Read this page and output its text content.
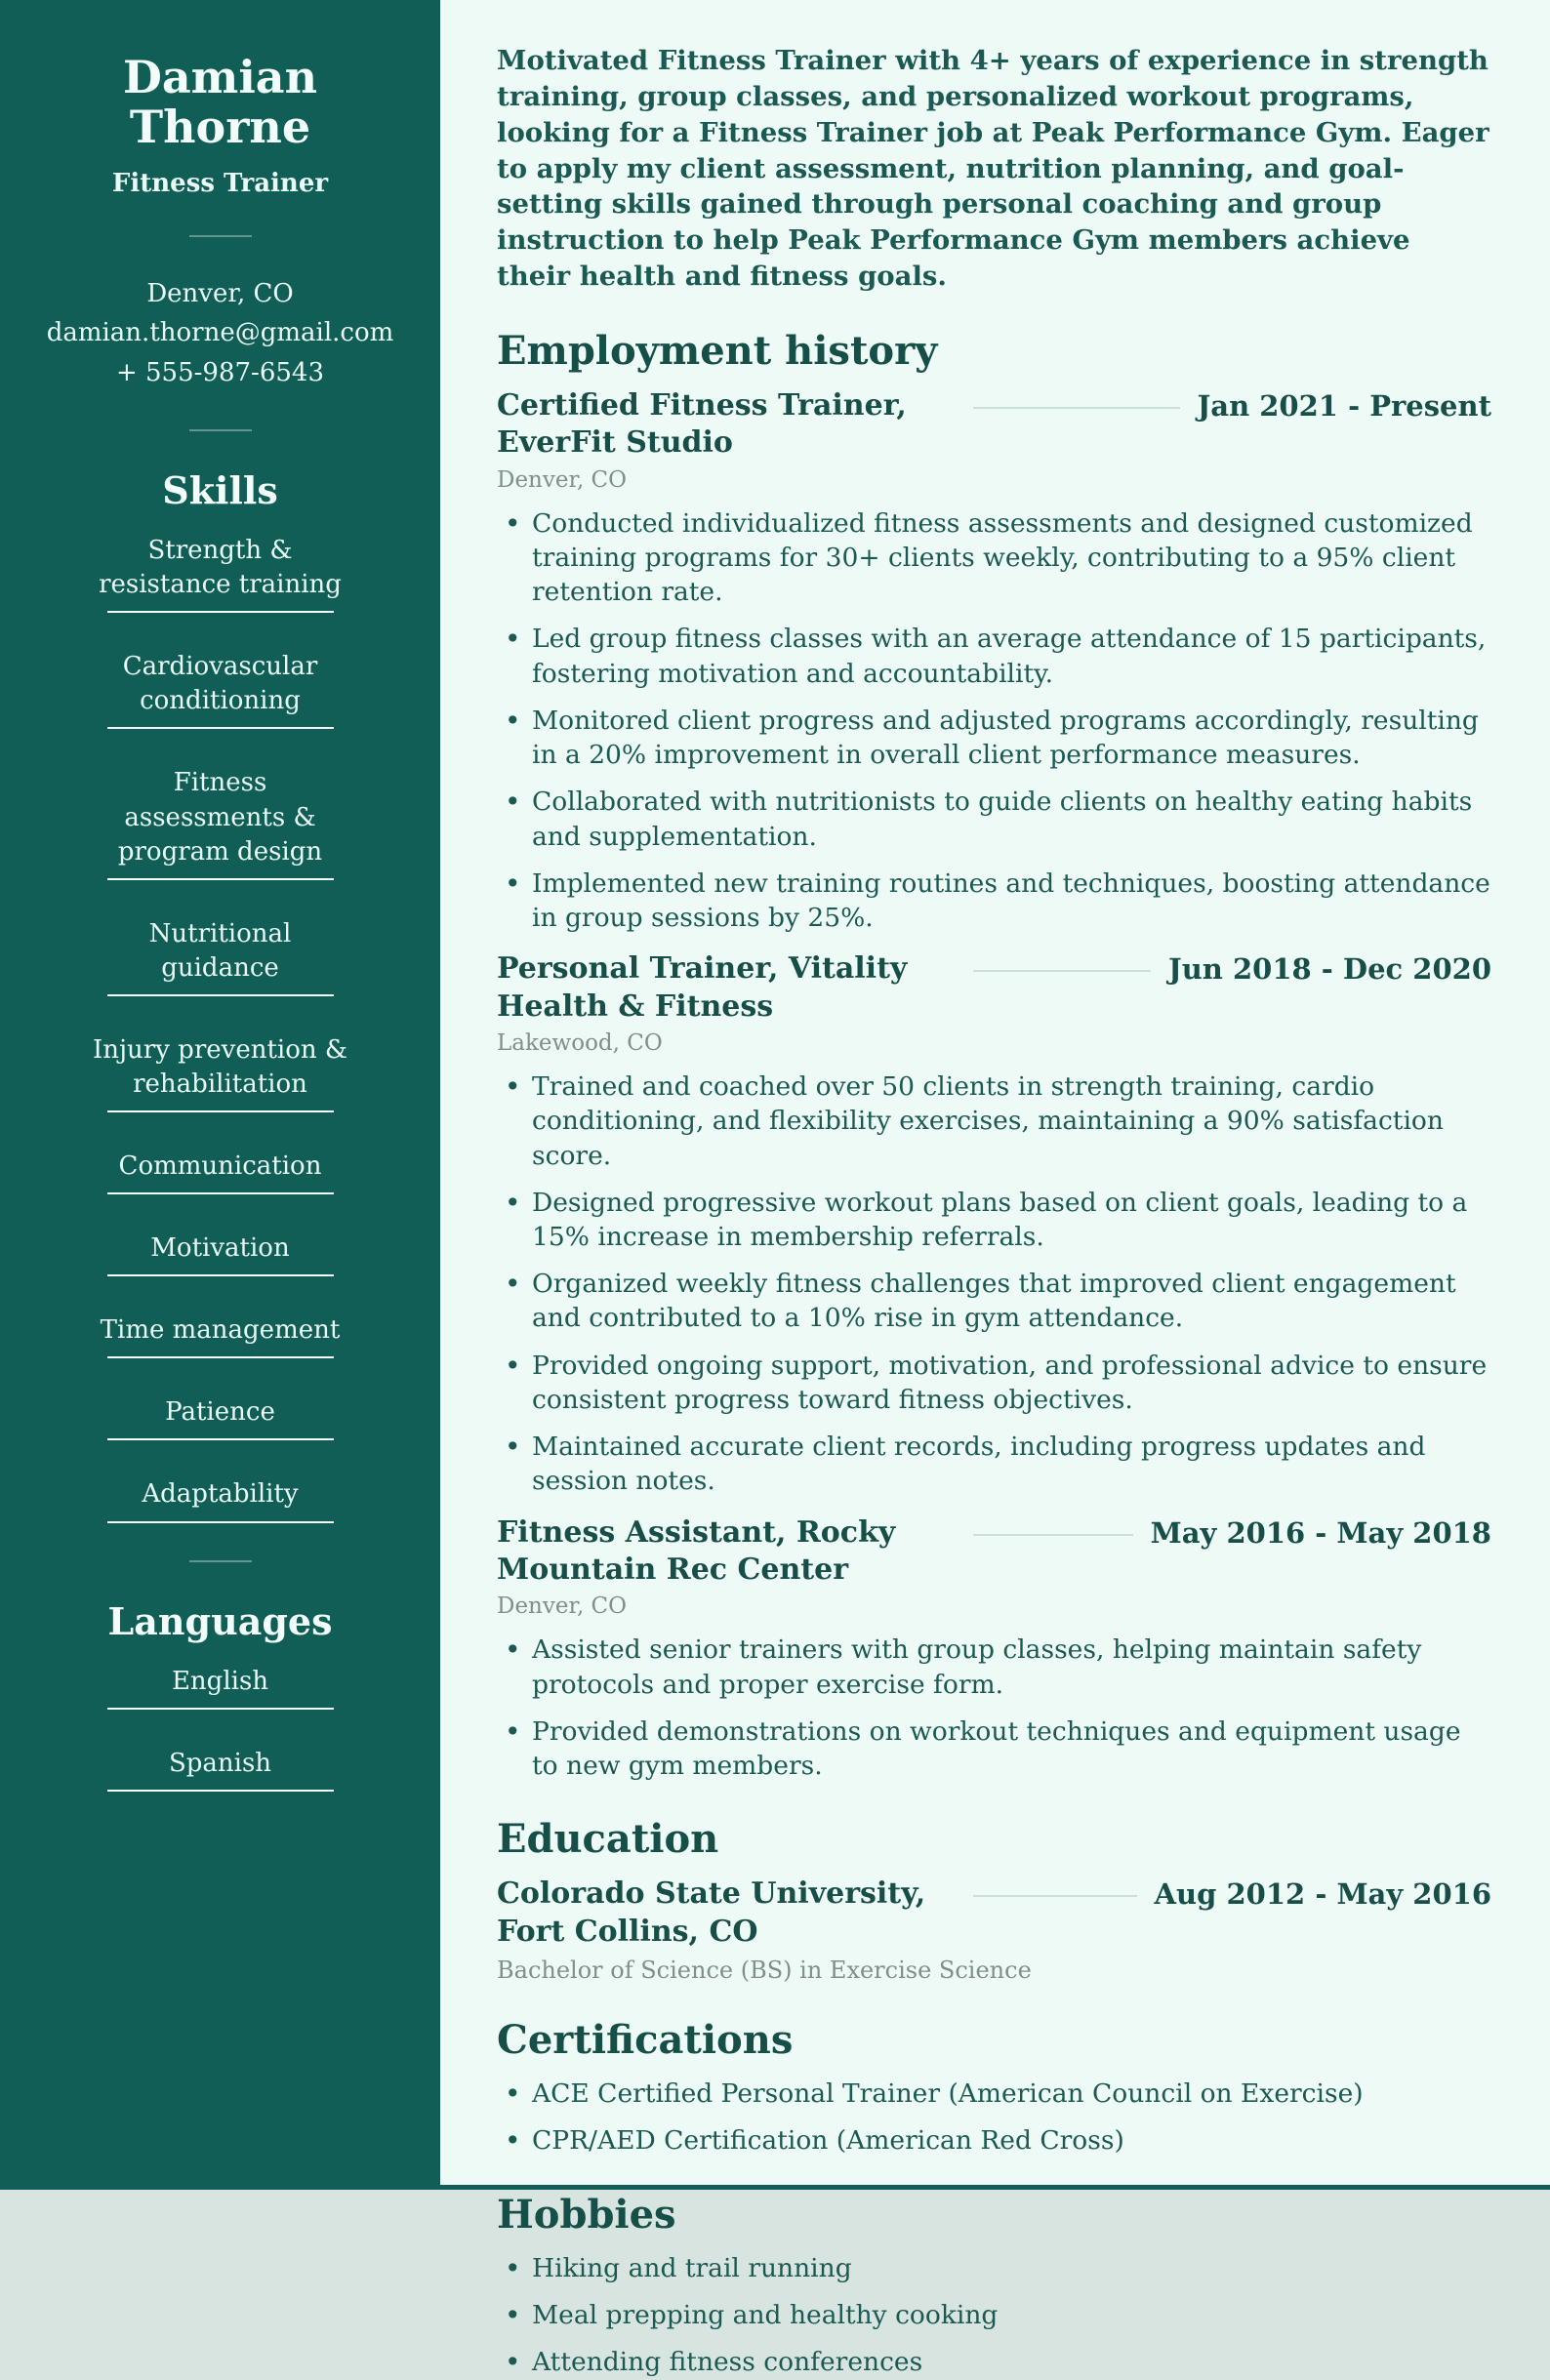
Damian Thorne
Fitness Trainer
Denver, CO
damian.thorne@gmail.com
+ 555-987-6543
Skills
Strength & resistance training
Cardiovascular conditioning
Fitness assessments & program design
Nutritional guidance
Injury prevention & rehabilitation
Communication
Motivation
Time management
Patience
Adaptability
Languages
English
Spanish

Motivated Fitness Trainer with 4+ years of experience in strength training, group classes, and personalized workout programs, looking for a Fitness Trainer job at Peak Performance Gym. Eager to apply my client assessment, nutrition planning, and goal-setting skills gained through personal coaching and group instruction to help Peak Performance Gym members achieve their health and fitness goals.

Employment history
Certified Fitness Trainer, EverFit Studio
Jan 2021 - Present
Denver, CO
• Conducted individualized fitness assessments and designed customized training programs for 30+ clients weekly, contributing to a 95% client retention rate.
• Led group fitness classes with an average attendance of 15 participants, fostering motivation and accountability.
• Monitored client progress and adjusted programs accordingly, resulting in a 20% improvement in overall client performance measures.
• Collaborated with nutritionists to guide clients on healthy eating habits and supplementation.
• Implemented new training routines and techniques, boosting attendance in group sessions by 25%.
Personal Trainer, Vitality Health & Fitness
Jun 2018 - Dec 2020
Lakewood, CO
• Trained and coached over 50 clients in strength training, cardio conditioning, and flexibility exercises, maintaining a 90% satisfaction score.
• Designed progressive workout plans based on client goals, leading to a 15% increase in membership referrals.
• Organized weekly fitness challenges that improved client engagement and contributed to a 10% rise in gym attendance.
• Provided ongoing support, motivation, and professional advice to ensure consistent progress toward fitness objectives.
• Maintained accurate client records, including progress updates and session notes.
Fitness Assistant, Rocky Mountain Rec Center
May 2016 - May 2018
Denver, CO
• Assisted senior trainers with group classes, helping maintain safety protocols and proper exercise form.
• Provided demonstrations on workout techniques and equipment usage to new gym members.
Education
Colorado State University, Fort Collins, CO
Aug 2012 - May 2016
Bachelor of Science (BS) in Exercise Science
Certifications
• ACE Certified Personal Trainer (American Council on Exercise)
• CPR/AED Certification (American Red Cross)
Hobbies
• Hiking and trail running
• Meal prepping and healthy cooking
• Attending fitness conferences
